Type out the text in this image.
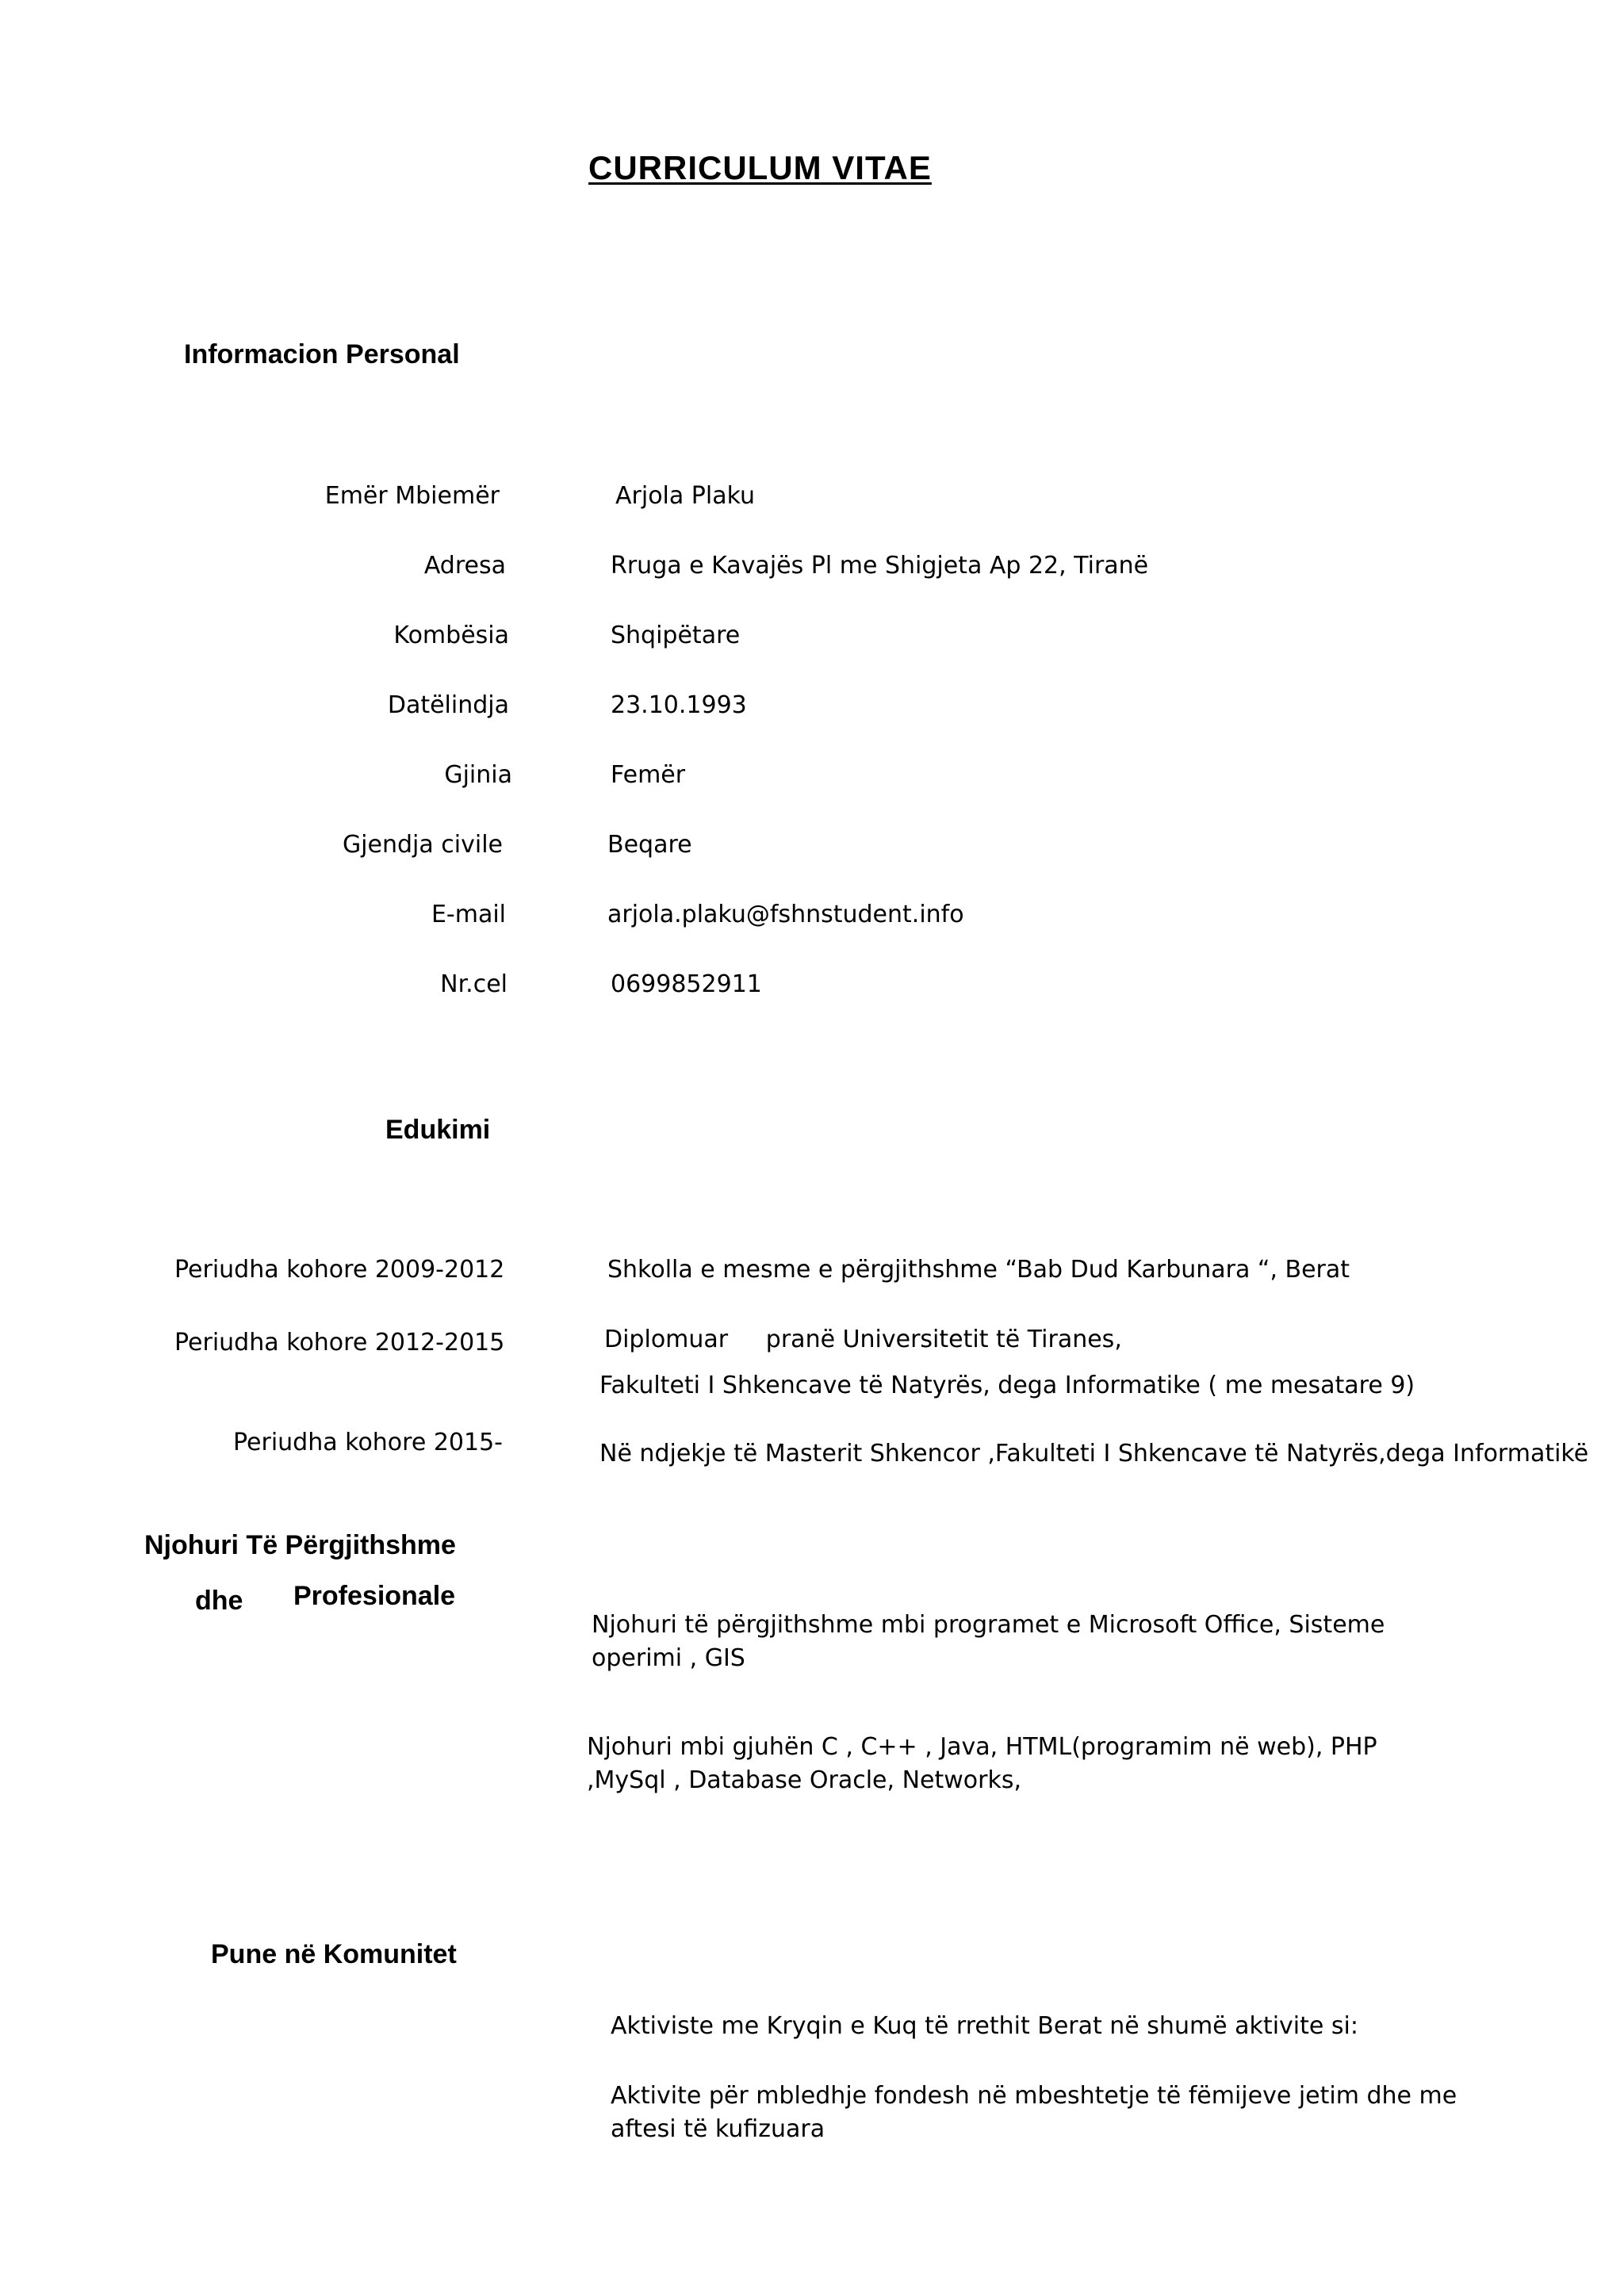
CURRICULUM VITAE
Informacion Personal
Emër Mbiemër	Arjola Plaku
Adresa	Rruga e Kavajës Pl me Shigjeta Ap 22, Tiranë
Kombësia	Shqipëtare
Datëlindja	23.10.1993
Gjinia	Femër
Gjendja civile	Beqare
E-mail	arjola.plaku@fshnstudent.info
Nr.cel	0699852911
Edukimi
Periudha kohore 2009-2012	Shkolla e mesme e përgjithshme “Bab Dud Karbunara “, Berat
Periudha kohore 2012-2015	Diplomuar     pranë Universitetit të Tiranes,
Fakulteti I Shkencave të Natyrës, dega Informatike ( me mesatare 9)
Periudha kohore 2015-	Në ndjekje të Masterit Shkencor ,Fakulteti I Shkencave të Natyrës,dega Informatikë
Njohuri Të Përgjithshme
dhe Profesionale
Njohuri të përgjithshme mbi programet e Microsoft Office, Sisteme
operimi , GIS
Njohuri mbi gjuhën C , C++ , Java, HTML(programim në web), PHP
,MySql , Database Oracle, Networks,
Pune në Komunitet
Aktiviste me Kryqin e Kuq të rrethit Berat në shumë aktivite si:
Aktivite për mbledhje fondesh në mbeshtetje të fëmijeve jetim dhe me
aftesi të kufizuara
